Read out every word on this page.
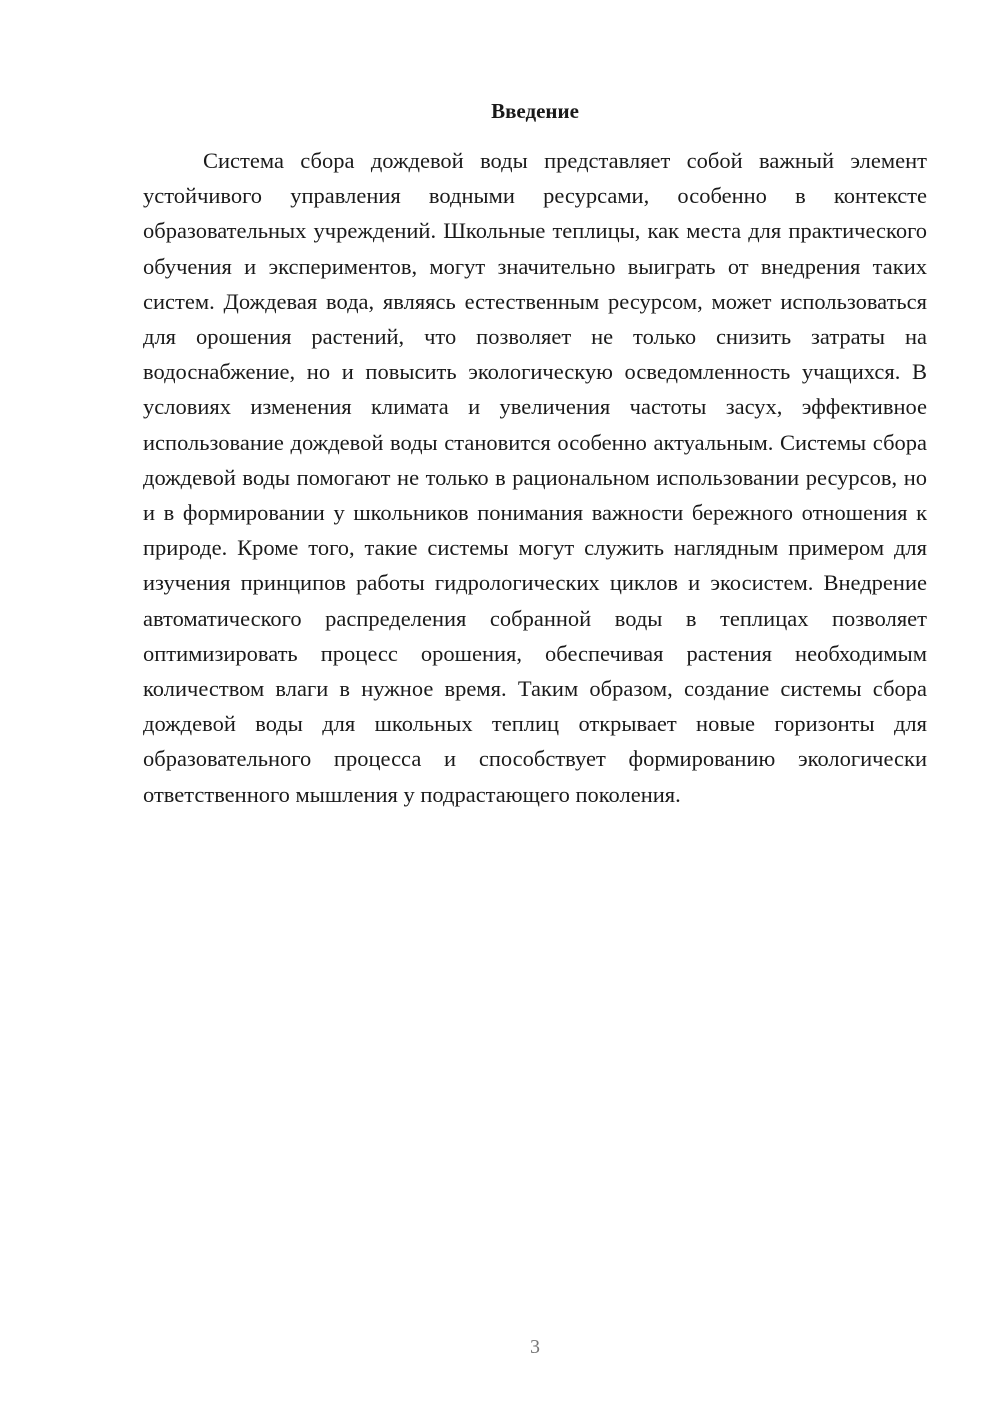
Введение

Система сбора дождевой воды представляет собой важный элемент устойчивого управления водными ресурсами, особенно в контексте образовательных учреждений. Школьные теплицы, как места для практического обучения и экспериментов, могут значительно выиграть от внедрения таких систем. Дождевая вода, являясь естественным ресурсом, может использоваться для орошения растений, что позволяет не только снизить затраты на водоснабжение, но и повысить экологическую осведомленность учащихся. В условиях изменения климата и увеличения частоты засух, эффективное использование дождевой воды становится особенно актуальным. Системы сбора дождевой воды помогают не только в рациональном использовании ресурсов, но и в формировании у школьников понимания важности бережного отношения к природе. Кроме того, такие системы могут служить наглядным примером для изучения принципов работы гидрологических циклов и экосистем. Внедрение автоматического распределения собранной воды в теплицах позволяет оптимизировать процесс орошения, обеспечивая растения необходимым количеством влаги в нужное время. Таким образом, создание системы сбора дождевой воды для школьных теплиц открывает новые горизонты для образовательного процесса и способствует формированию экологически ответственного мышления у подрастающего поколения.

3
